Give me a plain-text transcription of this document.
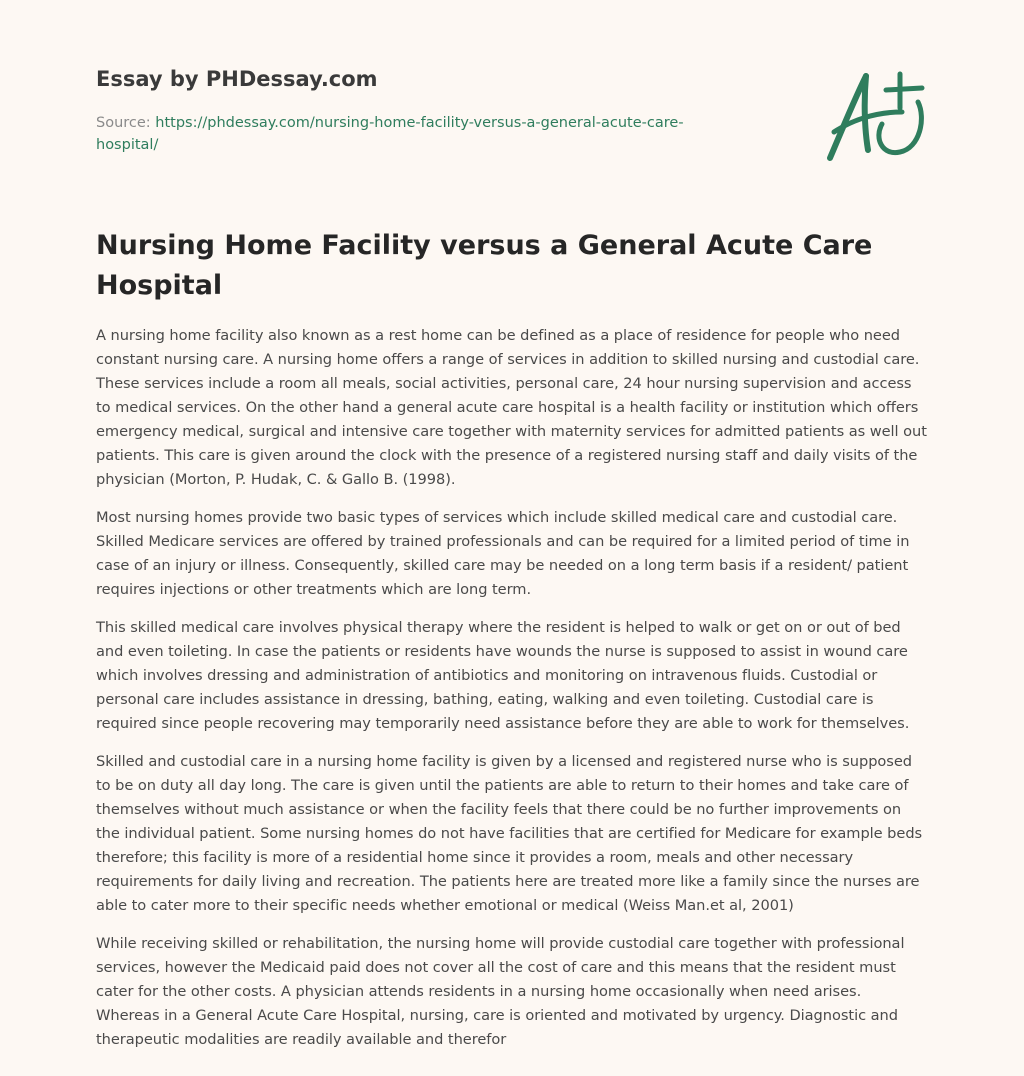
Essay by PHDessay.com
Source: https://phdessay.com/nursing-home-facility-versus-a-general-acute-care-hospital/
Nursing Home Facility versus a General Acute Care Hospital

A nursing home facility also known as a rest home can be defined as a place of residence for people who need constant nursing care. A nursing home offers a range of services in addition to skilled nursing and custodial care. These services include a room all meals, social activities, personal care, 24 hour nursing supervision and access to medical services. On the other hand a general acute care hospital is a health facility or institution which offers emergency medical, surgical and intensive care together with maternity services for admitted patients as well out patients. This care is given around the clock with the presence of a registered nursing staff and daily visits of the physician (Morton, P. Hudak, C. & Gallo B. (1998).

Most nursing homes provide two basic types of services which include skilled medical care and custodial care. Skilled Medicare services are offered by trained professionals and can be required for a limited period of time in case of an injury or illness. Consequently, skilled care may be needed on a long term basis if a resident/ patient requires injections or other treatments which are long term.

This skilled medical care involves physical therapy where the resident is helped to walk or get on or out of bed and even toileting. In case the patients or residents have wounds the nurse is supposed to assist in wound care which involves dressing and administration of antibiotics and monitoring on intravenous fluids. Custodial or personal care includes assistance in dressing, bathing, eating, walking and even toileting. Custodial care is required since people recovering may temporarily need assistance before they are able to work for themselves.

Skilled and custodial care in a nursing home facility is given by a licensed and registered nurse who is supposed to be on duty all day long. The care is given until the patients are able to return to their homes and take care of themselves without much assistance or when the facility feels that there could be no further improvements on the individual patient. Some nursing homes do not have facilities that are certified for Medicare for example beds therefore; this facility is more of a residential home since it provides a room, meals and other necessary requirements for daily living and recreation. The patients here are treated more like a family since the nurses are able to cater more to their specific needs whether emotional or medical (Weiss Man.et al, 2001)

While receiving skilled or rehabilitation, the nursing home will provide custodial care together with professional services, however the Medicaid paid does not cover all the cost of care and this means that the resident must cater for the other costs. A physician attends residents in a nursing home occasionally when need arises. Whereas in a General Acute Care Hospital, nursing, care is oriented and motivated by urgency. Diagnostic and therapeutic modalities are readily available and therefor
